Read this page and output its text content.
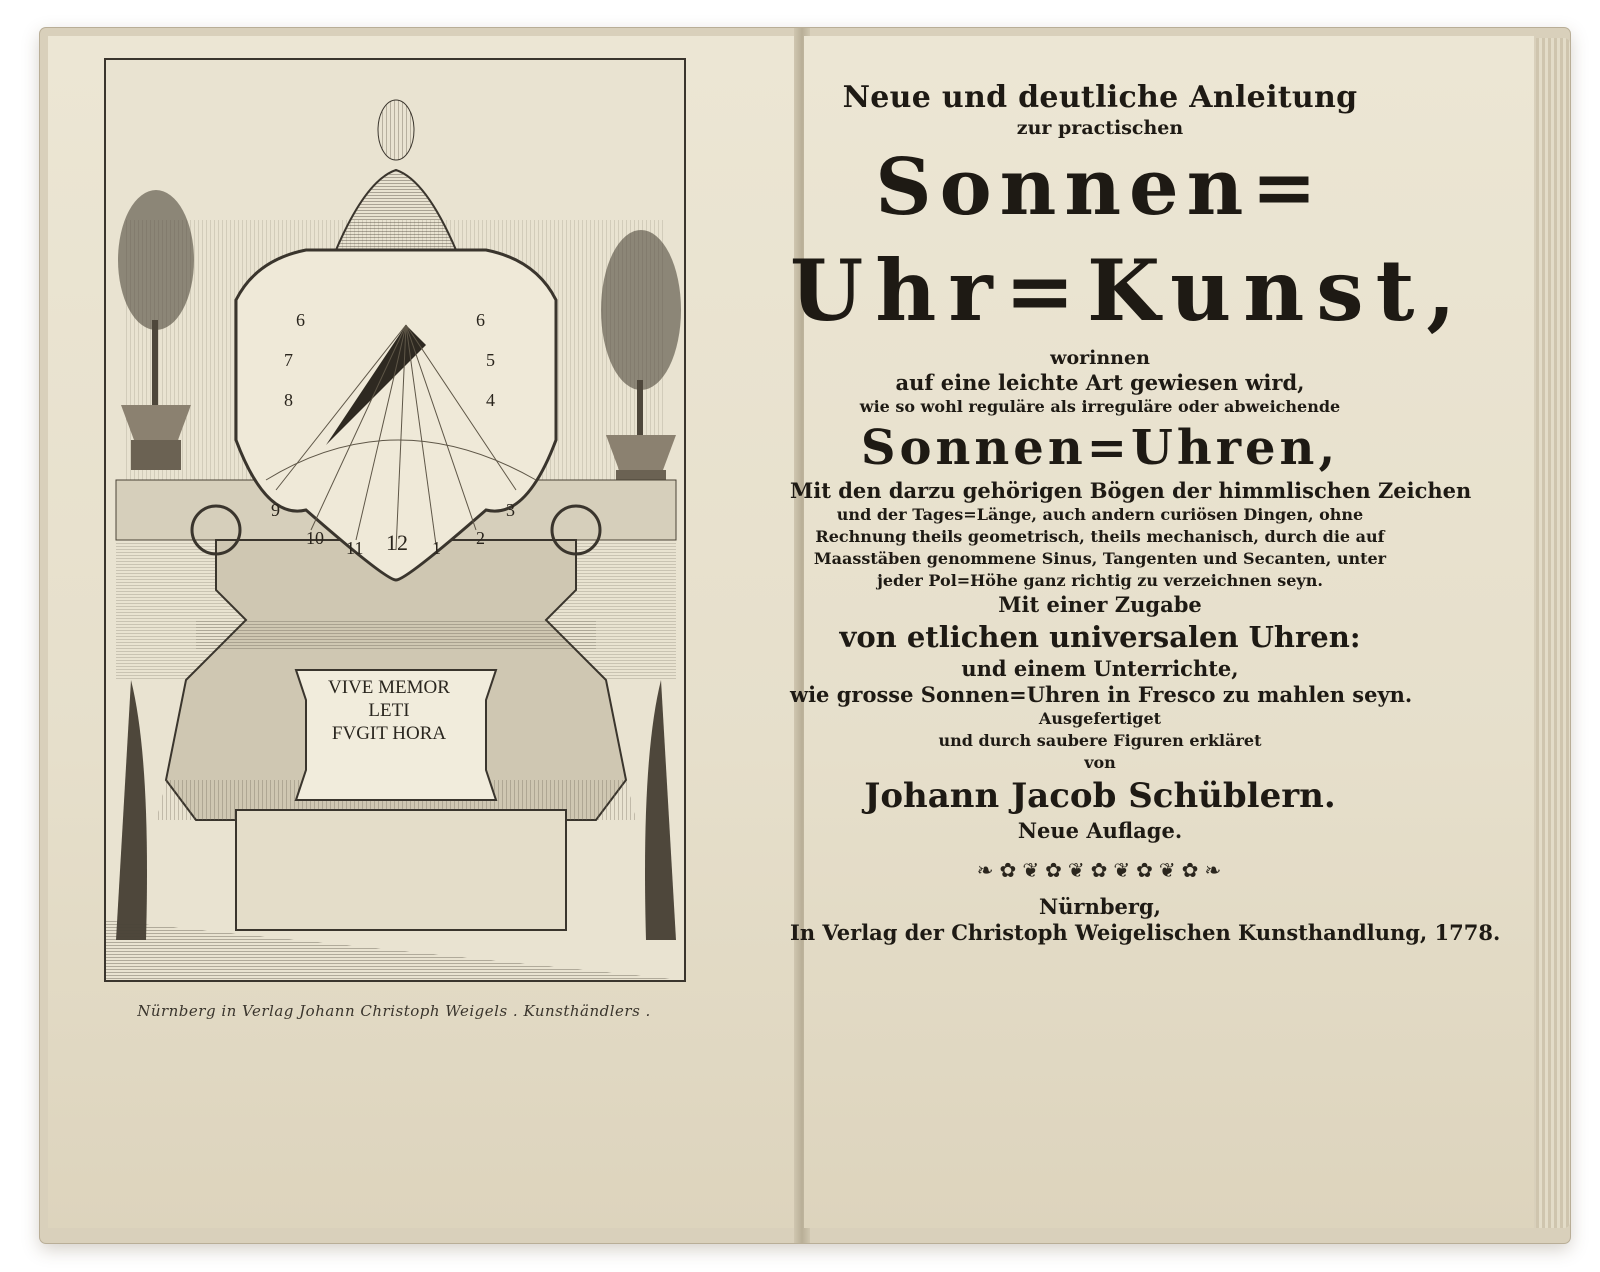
6
7
8
9
10 11 12 1 2
3
4
5
6
VIVE MEMOR
LETI
FVGIT HORA
Nürnberg in Verlag Johann Christoph Weigels . Kunsthändlers .

Neue und deutliche Anleitung

zur practischen

Sonnen=

Uhr=Kunst,

worinnen

auf eine leichte Art gewiesen wird,

wie so wohl reguläre als irreguläre oder abweichende

Sonnen=Uhren,

Mit den darzu gehörigen Bögen der himmlischen Zeichen

und der Tages=Länge, auch andern curiösen Dingen, ohne

Rechnung theils geometrisch, theils mechanisch, durch die auf

Maasstäben genommene Sinus, Tangenten und Secanten, unter

jeder Pol=Höhe ganz richtig zu verzeichnen seyn.

Mit einer Zugabe

von etlichen universalen Uhren:

und einem Unterrichte,

wie grosse Sonnen=Uhren in Fresco zu mahlen seyn.

Ausgefertiget

und durch saubere Figuren erkläret

von

Johann Jacob Schüblern.

Neue Auflage.

❧ ✿ ❦ ✿ ❦ ✿ ❦ ✿ ❦ ✿ ❧

Nürnberg,

In Verlag der Christoph Weigelischen Kunsthandlung, 1778.
